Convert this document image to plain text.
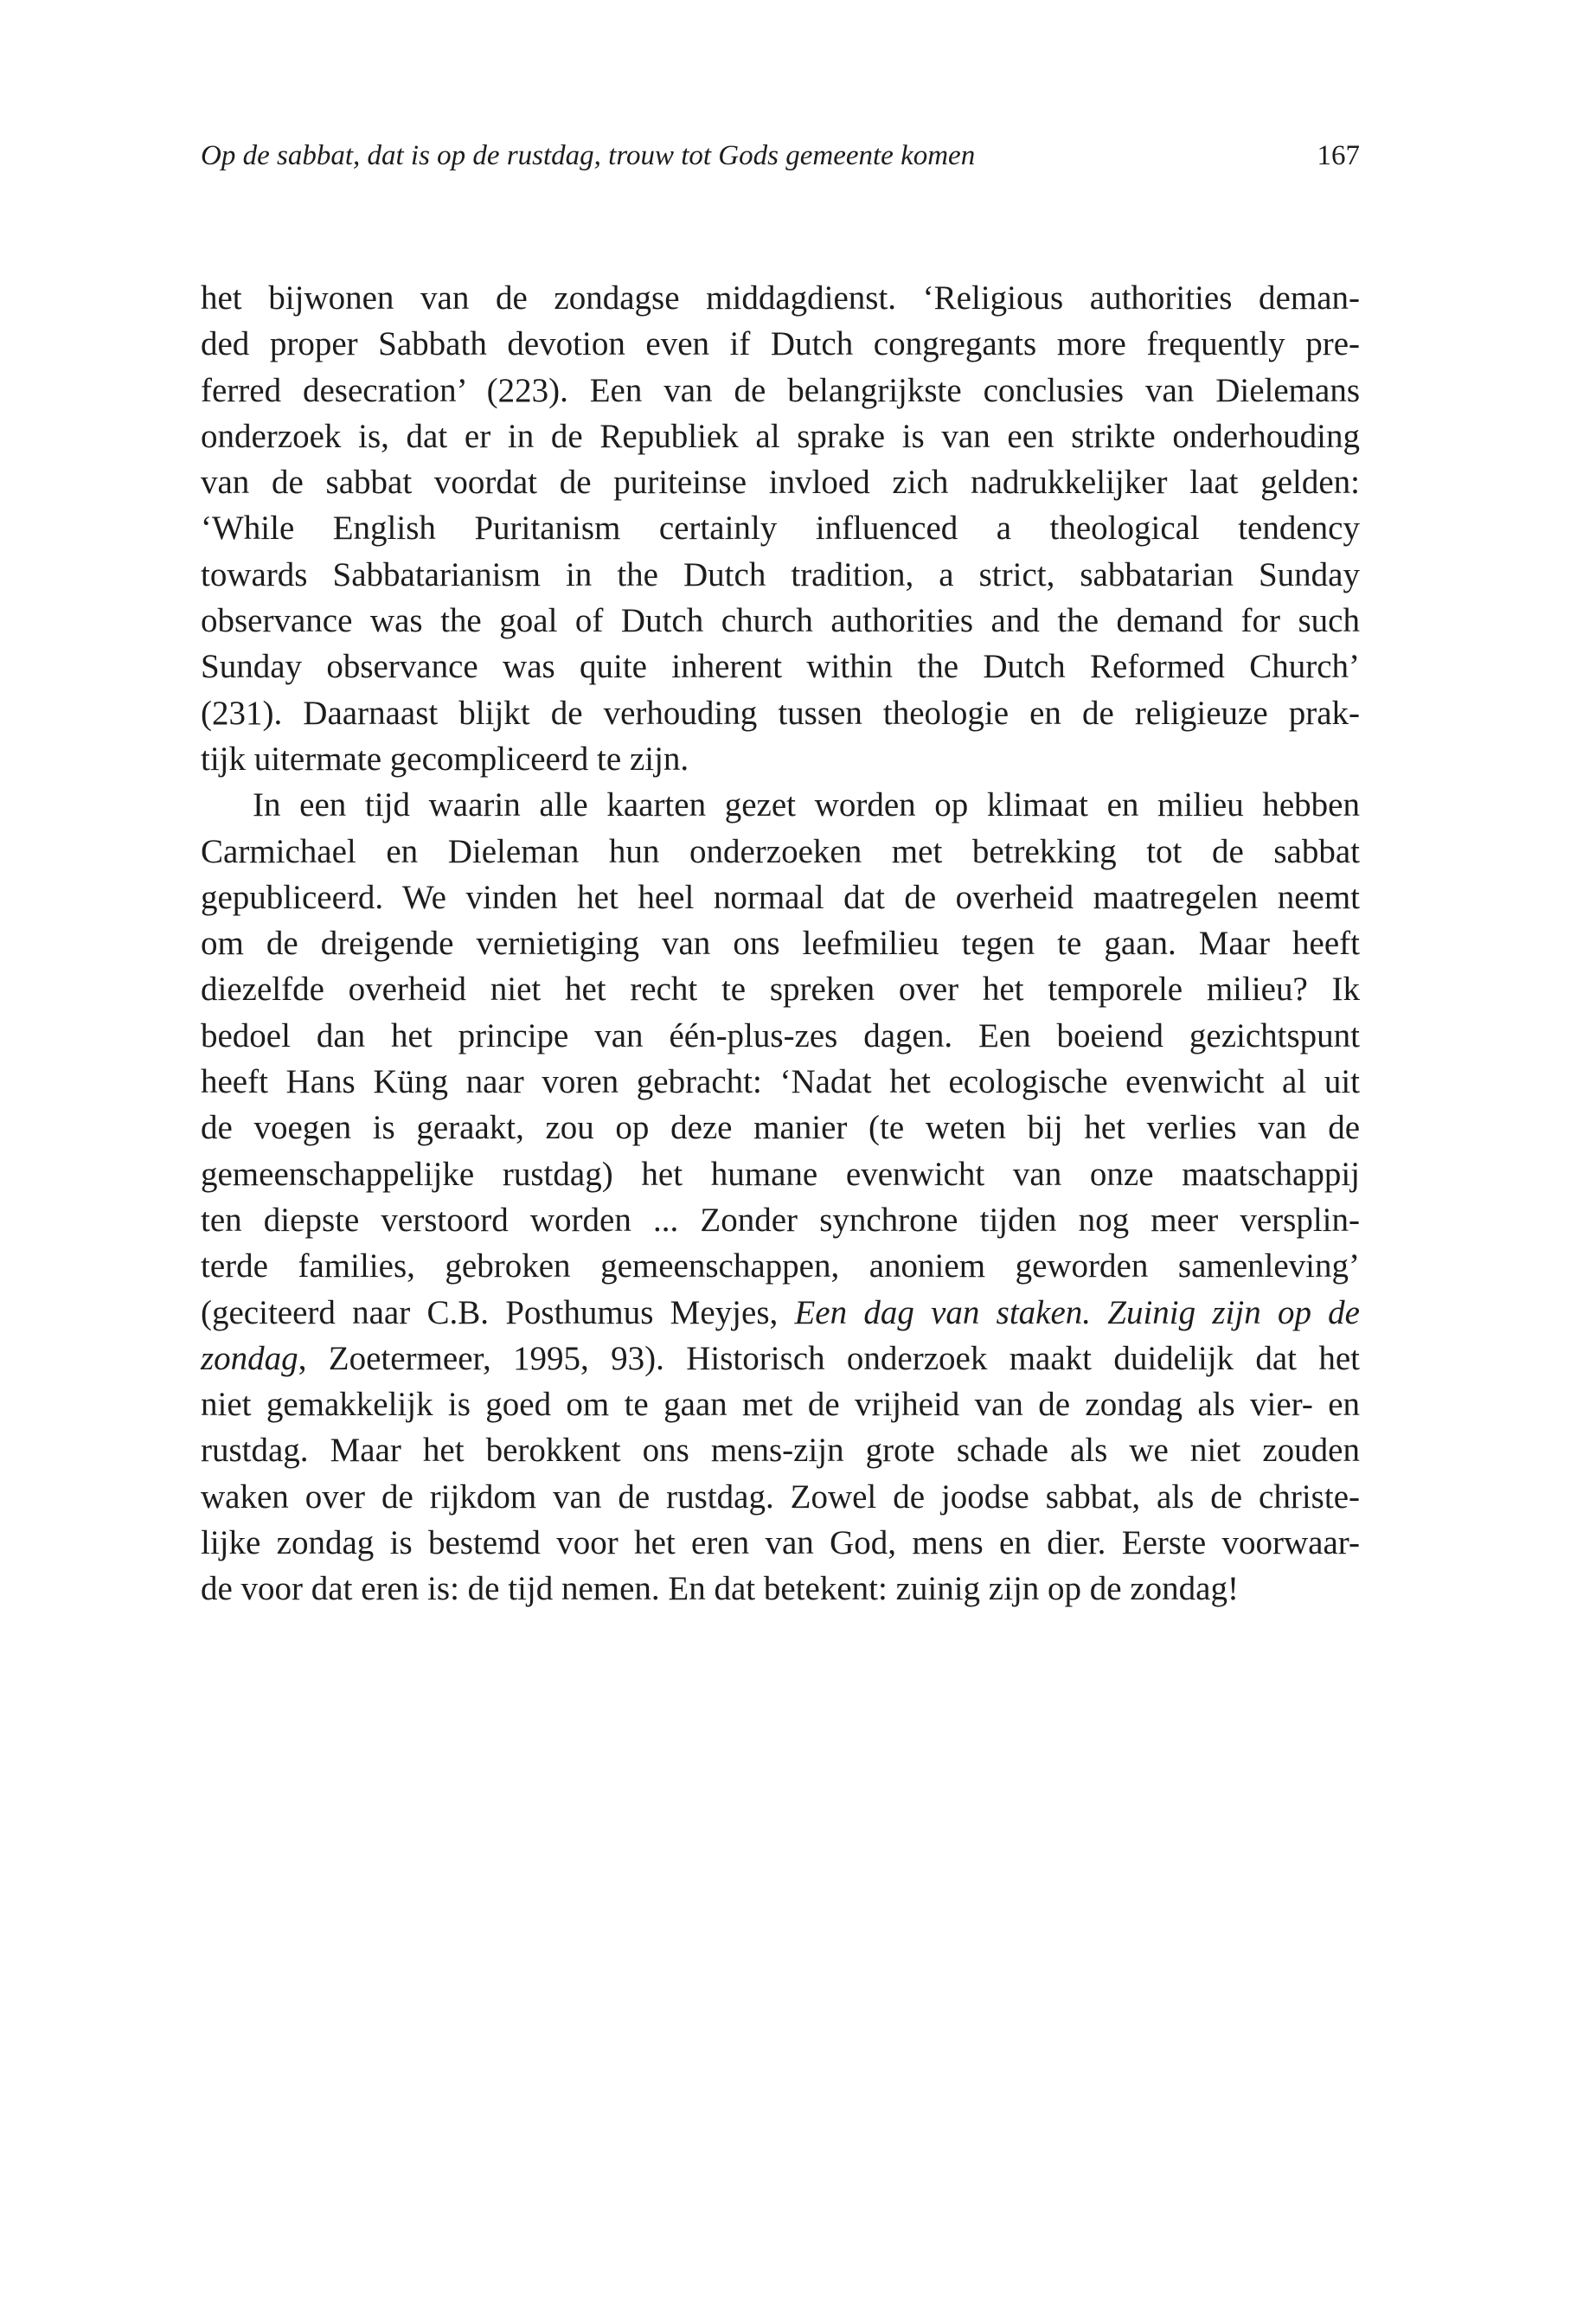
Op de sabbat, dat is op de rustdag, trouw tot Gods gemeente komen	167
het bijwonen van de zondagse middagdienst. ‘Religious authorities deman-
ded proper Sabbath devotion even if Dutch congregants more frequently pre-
ferred desecration’ (223). Een van de belangrijkste conclusies van Dielemans
onderzoek is, dat er in de Republiek al sprake is van een strikte onderhouding
van de sabbat voordat de puriteinse invloed zich nadrukkelijker laat gelden:
‘While English Puritanism certainly influenced a theological tendency
towards Sabbatarianism in the Dutch tradition, a strict, sabbatarian Sunday
observance was the goal of Dutch church authorities and the demand for such
Sunday observance was quite inherent within the Dutch Reformed Church’
(231). Daarnaast blijkt de verhouding tussen theologie en de religieuze prak-
tijk uitermate gecompliceerd te zijn.
In een tijd waarin alle kaarten gezet worden op klimaat en milieu hebben
Carmichael en Dieleman hun onderzoeken met betrekking tot de sabbat
gepubliceerd. We vinden het heel normaal dat de overheid maatregelen neemt
om de dreigende vernietiging van ons leefmilieu tegen te gaan. Maar heeft
diezelfde overheid niet het recht te spreken over het temporele milieu? Ik
bedoel dan het principe van één-plus-zes dagen. Een boeiend gezichtspunt
heeft Hans Küng naar voren gebracht: ‘Nadat het ecologische evenwicht al uit
de voegen is geraakt, zou op deze manier (te weten bij het verlies van de
gemeenschappelijke rustdag) het humane evenwicht van onze maatschappij
ten diepste verstoord worden ... Zonder synchrone tijden nog meer versplin-
terde families, gebroken gemeenschappen, anoniem geworden samenleving’
(geciteerd naar C.B. Posthumus Meyjes, Een dag van staken. Zuinig zijn op de
zondag, Zoetermeer, 1995, 93). Historisch onderzoek maakt duidelijk dat het
niet gemakkelijk is goed om te gaan met de vrijheid van de zondag als vier- en
rustdag. Maar het berokkent ons mens-zijn grote schade als we niet zouden
waken over de rijkdom van de rustdag. Zowel de joodse sabbat, als de christe-
lijke zondag is bestemd voor het eren van God, mens en dier. Eerste voorwaar-
de voor dat eren is: de tijd nemen. En dat betekent: zuinig zijn op de zondag!
